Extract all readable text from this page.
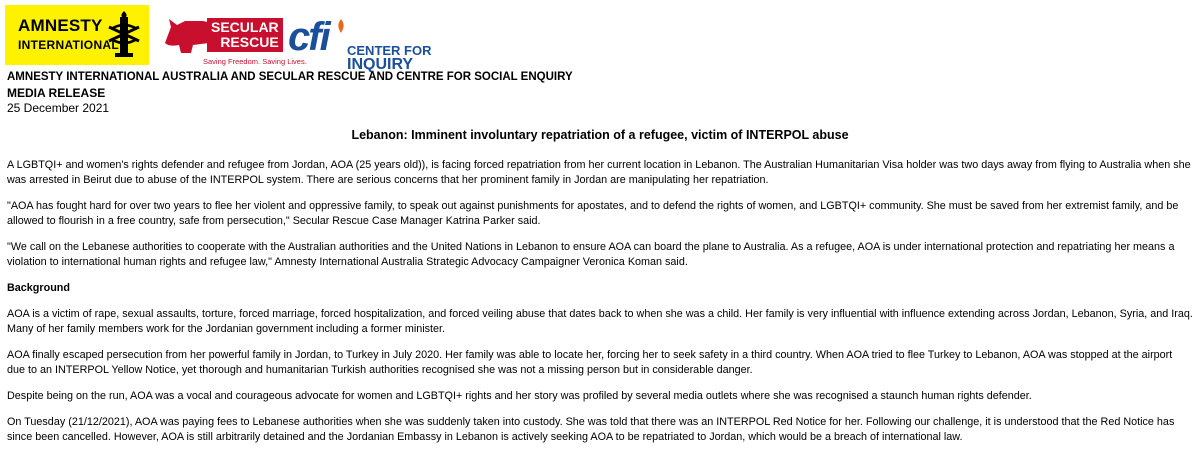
AMNESTY
INTERNATIONAL
SECULAR
RESCUE
Saving Freedom. Saving Lives.
cfi CENTER FOR
INQUIRY
AMNESTY INTERNATIONAL AUSTRALIA AND SECULAR RESCUE AND CENTRE FOR SOCIAL ENQUIRY
MEDIA RELEASE
25 December 2021
Lebanon: Imminent involuntary repatriation of a refugee, victim of INTERPOL abuse

A LGBTQI+ and women's rights defender and refugee from Jordan, AOA (25 years old)), is facing forced repatriation from her current location in Lebanon. The Australian Humanitarian Visa holder was two days away from flying to Australia when she was arrested in Beirut due to abuse of the INTERPOL system. There are serious concerns that her prominent family in Jordan are manipulating her repatriation.

"AOA has fought hard for over two years to flee her violent and oppressive family, to speak out against punishments for apostates, and to defend the rights of women, and LGBTQI+ community. She must be saved from her extremist family, and be allowed to flourish in a free country, safe from persecution," Secular Rescue Case Manager Katrina Parker said.

"We call on the Lebanese authorities to cooperate with the Australian authorities and the United Nations in Lebanon to ensure AOA can board the plane to Australia. As a refugee, AOA is under international protection and repatriating her means a violation to international human rights and refugee law," Amnesty International Australia Strategic Advocacy Campaigner Veronica Koman said.

Background

AOA is a victim of rape, sexual assaults, torture, forced marriage, forced hospitalization, and forced veiling abuse that dates back to when she was a child. Her family is very influential with influence extending across Jordan, Lebanon, Syria, and Iraq. Many of her family members work for the Jordanian government including a former minister.

AOA finally escaped persecution from her powerful family in Jordan, to Turkey in July 2020. Her family was able to locate her, forcing her to seek safety in a third country. When AOA tried to flee Turkey to Lebanon, AOA was stopped at the airport due to an INTERPOL Yellow Notice, yet thorough and humanitarian Turkish authorities recognised she was not a missing person but in considerable danger.

Despite being on the run, AOA was a vocal and courageous advocate for women and LGBTQI+ rights and her story was profiled by several media outlets where she was recognised a staunch human rights defender.

On Tuesday (21/12/2021), AOA was paying fees to Lebanese authorities when she was suddenly taken into custody. She was told that there was an INTERPOL Red Notice for her. Following our challenge, it is understood that the Red Notice has since been cancelled. However, AOA is still arbitrarily detained and the Jordanian Embassy in Lebanon is actively seeking AOA to be repatriated to Jordan, which would be a breach of international law.
